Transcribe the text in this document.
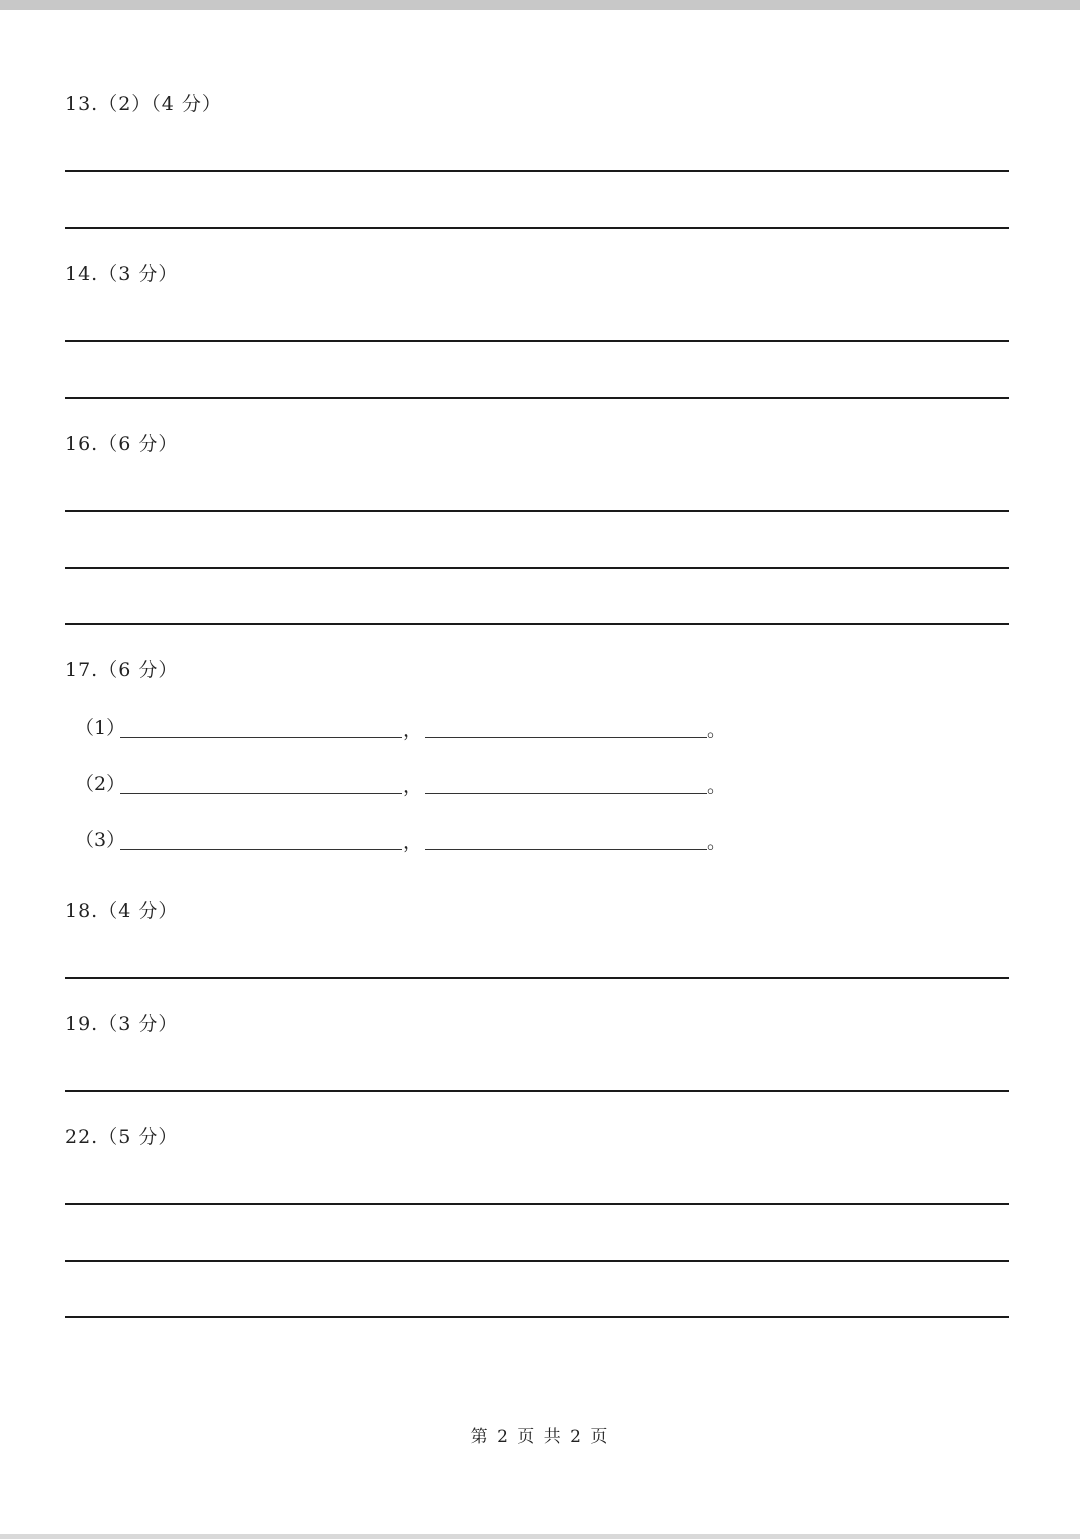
13.（2）（4 分）
14.（3 分）
16.（6 分）
17.（6 分）
（1）	，	。
（2）	，	。
（3）	，	。
18.（4 分）
19.（3 分）
22.（5 分）
第 2 页 共 2 页
